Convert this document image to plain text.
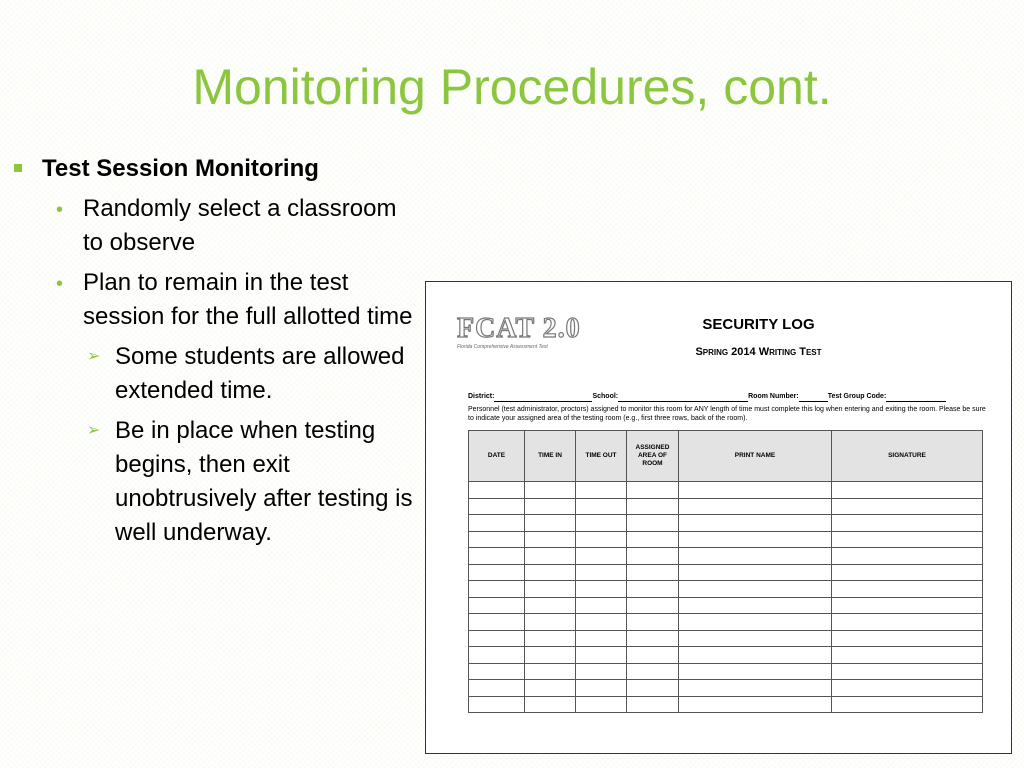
Monitoring Procedures, cont.
Test Session Monitoring
• Randomly select a classroom to observe
• Plan to remain in the test session for the full allotted time
➢ Some students are allowed extended time.
➢ Be in place when testing begins, then exit unobtrusively after testing is well underway.
FCAT 2.0
Florida Comprehensive Assessment Test
SECURITY LOG
Spring 2014 Writing Test
District:	School:	Room Number:	Test Group Code:
Personnel (test administrator, proctors) assigned to monitor this room for ANY length of time must complete this log when entering and exiting the room. Please be sure to indicate your assigned area of the testing room (e.g., first three rows, back of the room).
DATE	TIME IN	TIME OUT	ASSIGNED AREA OF ROOM	PRINT NAME	SIGNATURE
